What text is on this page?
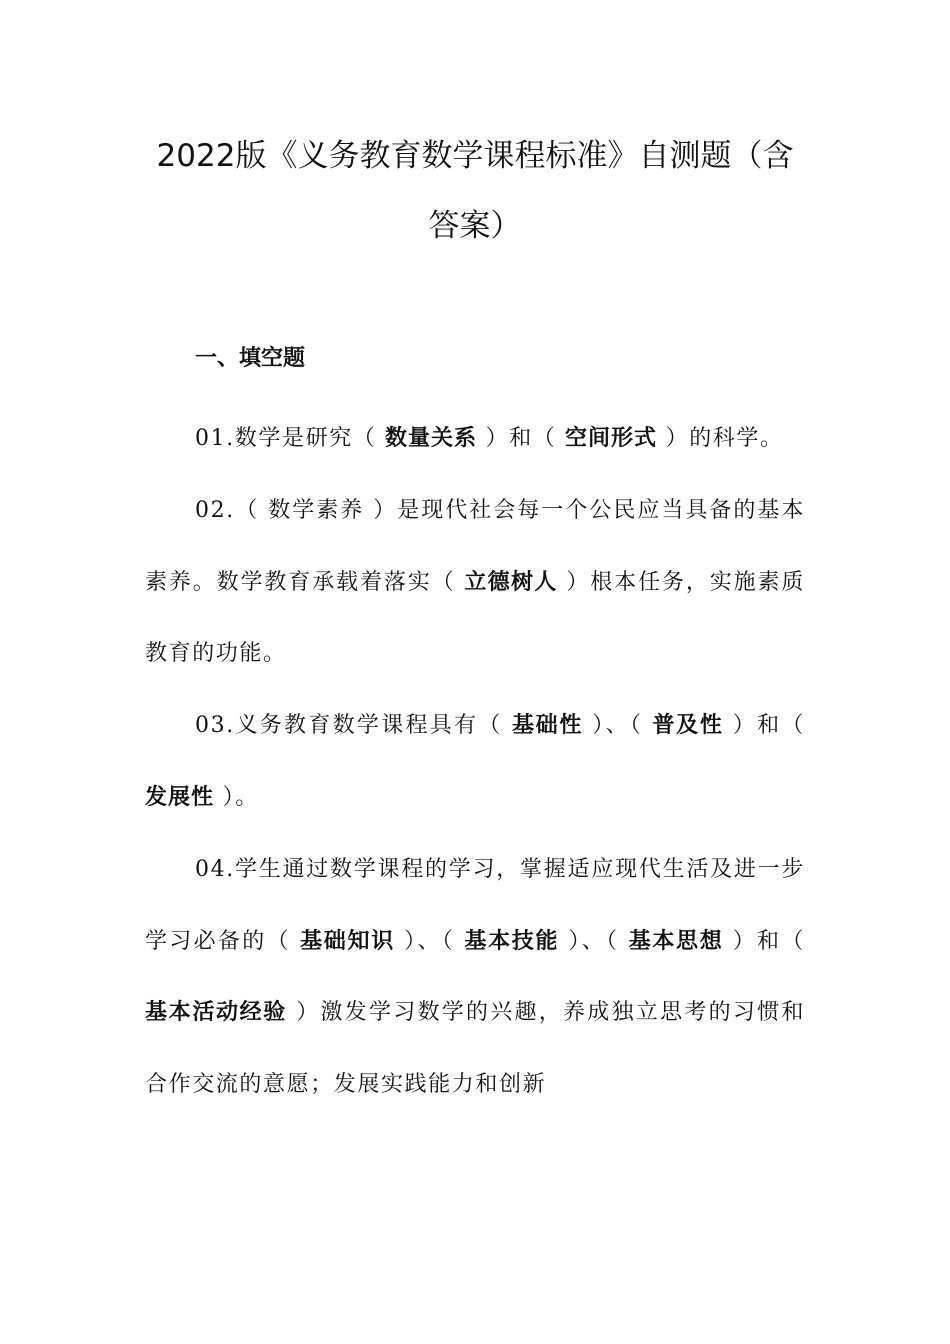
2022版《义务教育数学课程标准》自测题（含
答案）
一、填空题

01.数学是研究（ 数量关系 ）和（ 空间形式 ）的科学。

02.（ 数学素养 ）是现代社会每一个公民应当具备的基本素养。数学教育承载着落实（ 立德树人 ）根本任务，实施素质教育的功能。

03.义务教育数学课程具有（ 基础性 ）、（ 普及性 ）和（ 发展性 ）。

04.学生通过数学课程的学习，掌握适应现代生活及进一步学习必备的（ 基础知识 ）、（ 基本技能 ）、（ 基本思想 ）和（ 基本活动经验 ）激发学习数学的兴趣，养成独立思考的习惯和合作交流的意愿；发展实践能力和创新
